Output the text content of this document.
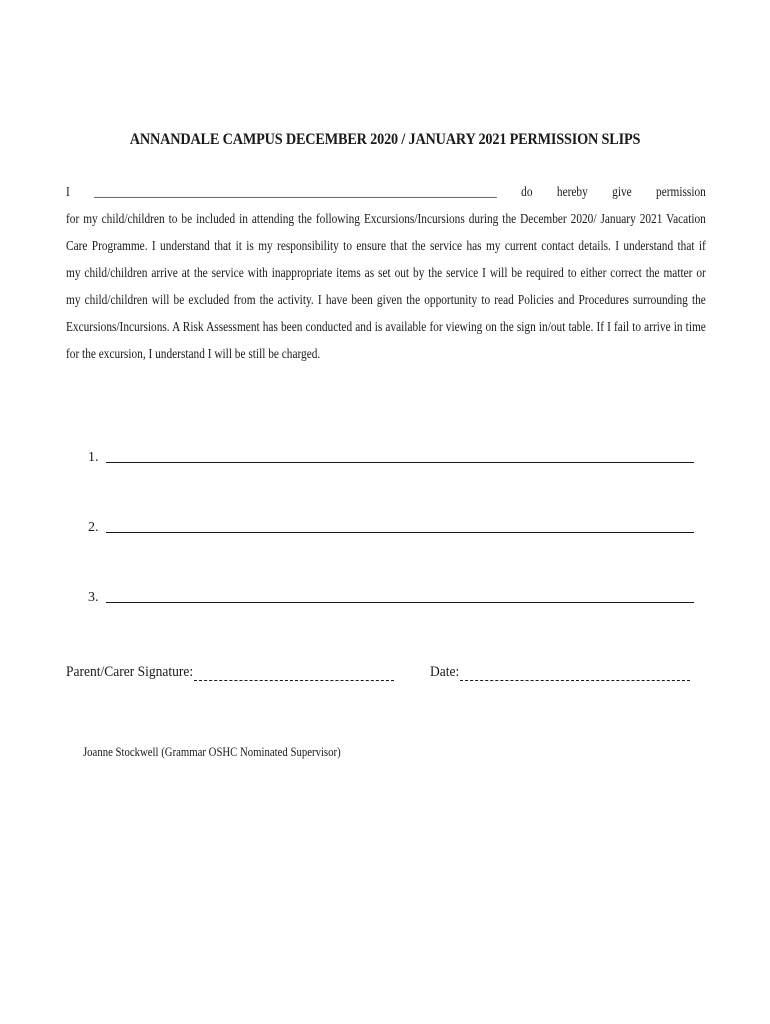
ANNANDALE CAMPUS DECEMBER 2020 / JANUARY 2021 PERMISSION SLIPS
I _______________________________________________________________________ do hereby give permission
for my child/children to be included in attending the following Excursions/Incursions during the December 2020/ January 2021 Vacation
Care Programme. I understand that it is my responsibility to ensure that the service has my current contact details. I understand that if
my child/children arrive at the service with inappropriate items as set out by the service I will be required to either correct the matter or
my child/children will be excluded from the activity. I have been given the opportunity to read Policies and Procedures surrounding the
Excursions/Incursions. A Risk Assessment has been conducted and is available for viewing on the sign in/out table. If I fail to arrive in time
for the excursion, I understand I will be still be charged.
1.
2.
3.
Parent/Carer Signature:	Date:
Joanne Stockwell (Grammar OSHC Nominated Supervisor)
